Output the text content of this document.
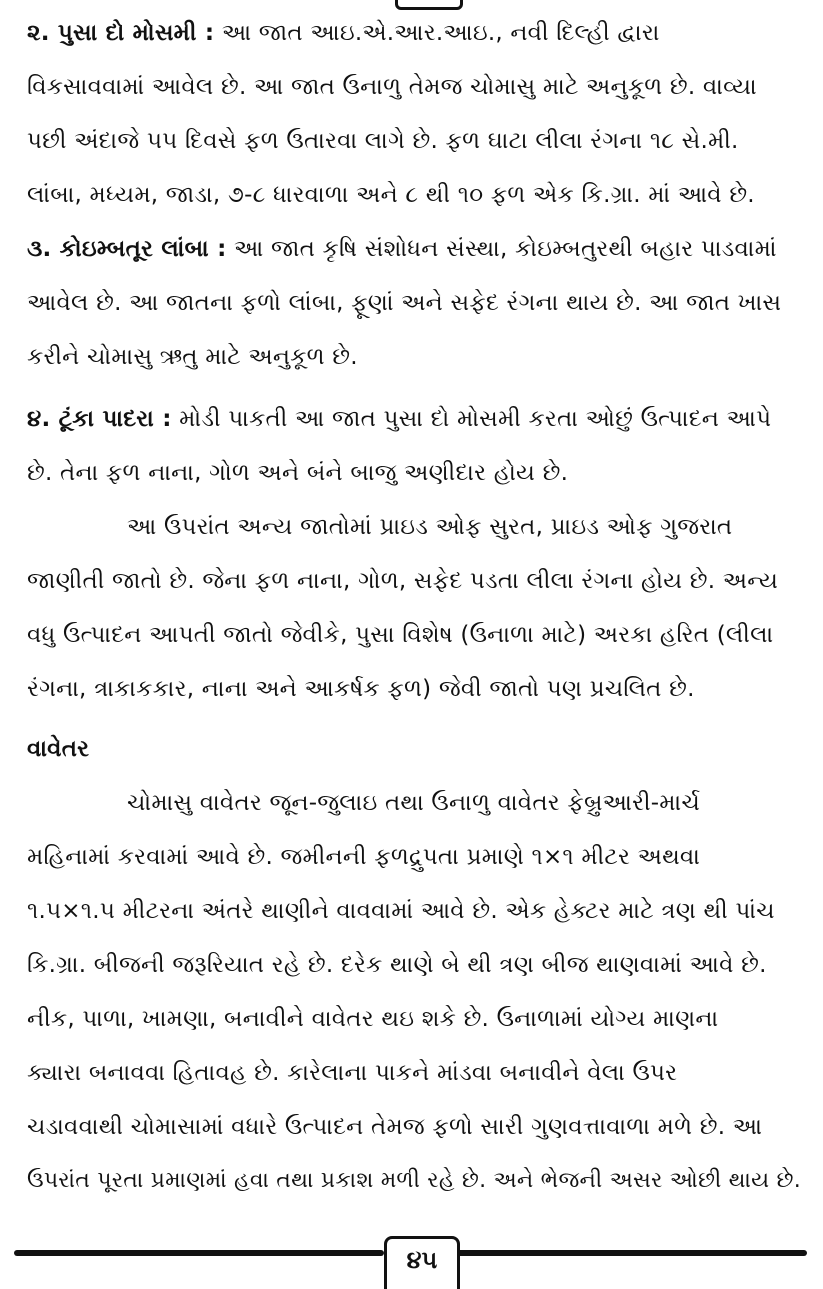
૨. પુસા દો મોસમી : આ જાત આઇ.એ.આર.આઇ., નવી દિલ્હી દ્વારા
વિકસાવવામાં આવેલ છે. આ જાત ઉનાળુ તેમજ ચોમાસુ માટે અનુકૂળ છે. વાવ્યા
પછી અંદાજે ૫૫ દિવસે ફળ ઉતારવા લાગે છે. ફળ ઘાટા લીલા રંગના ૧૮ સે.મી.
લાંબા, મધ્યમ, જાડા, ૭-૮ ધારવાળા અને ૮ થી ૧૦ ફળ એક કિ.ગ્રા. માં આવે છે.
૩. કોઇમ્બતૂર લાંબા : આ જાત કૃષિ સંશોધન સંસ્થા, કોઇમ્બતુરથી બહાર પાડવામાં
આવેલ છે. આ જાતના ફળો લાંબા, ફૂણાં અને સફેદ રંગના થાય છે. આ જાત ખાસ
કરીને ચોમાસુ ઋતુ માટે અનુકૂળ છે.
૪. ટૂંકા પાદરા : મોડી પાકતી આ જાત પુસા દો મોસમી કરતા ઓછું ઉત્પાદન આપે
છે. તેના ફળ નાના, ગોળ અને બંને બાજુ અણીદાર હોય છે.
આ ઉપરાંત અન્ય જાતોમાં પ્રાઇડ ઓફ સુરત, પ્રાઇડ ઓફ ગુજરાત
જાણીતી જાતો છે. જેના ફળ નાના, ગોળ, સફેદ પડતા લીલા રંગના હોય છે. અન્ય
વધુ ઉત્પાદન આપતી જાતો જેવીકે, પુસા વિશેષ (ઉનાળા માટે) અરકા હરિત (લીલા
રંગના, ત્રાકાકકાર, નાના અને આકર્ષક ફળ) જેવી જાતો પણ પ્રચલિત છે.
વાવેતર
ચોમાસુ વાવેતર જૂન-જુલાઇ તથા ઉનાળુ વાવેતર ફેબ્રુઆરી-માર્ચ
મહિનામાં કરવામાં આવે છે. જમીનની ફળદ્રુપતા પ્રમાણે ૧×૧ મીટર અથવા
૧.૫×૧.૫ મીટરના અંતરે થાણીને વાવવામાં આવે છે. એક હેક્ટર માટે ત્રણ થી પાંચ
કિ.ગ્રા. બીજની જરૂરિયાત રહે છે. દરેક થાણે બે થી ત્રણ બીજ થાણવામાં આવે છે.
નીક, પાળા, ખામણા, બનાવીને વાવેતર થઇ શકે છે. ઉનાળામાં યોગ્ય માણના
ક્યારા બનાવવા હિતાવહ છે. કારેલાના પાકને માંડવા બનાવીને વેલા ઉપર
ચડાવવાથી ચોમાસામાં વધારે ઉત્પાદન તેમજ ફળો સારી ગુણવત્તાવાળા મળે છે. આ
ઉપરાંત પૂરતા પ્રમાણમાં હવા તથા પ્રકાશ મળી રહે છે. અને ભેજની અસર ઓછી થાય છે.
૪૫
